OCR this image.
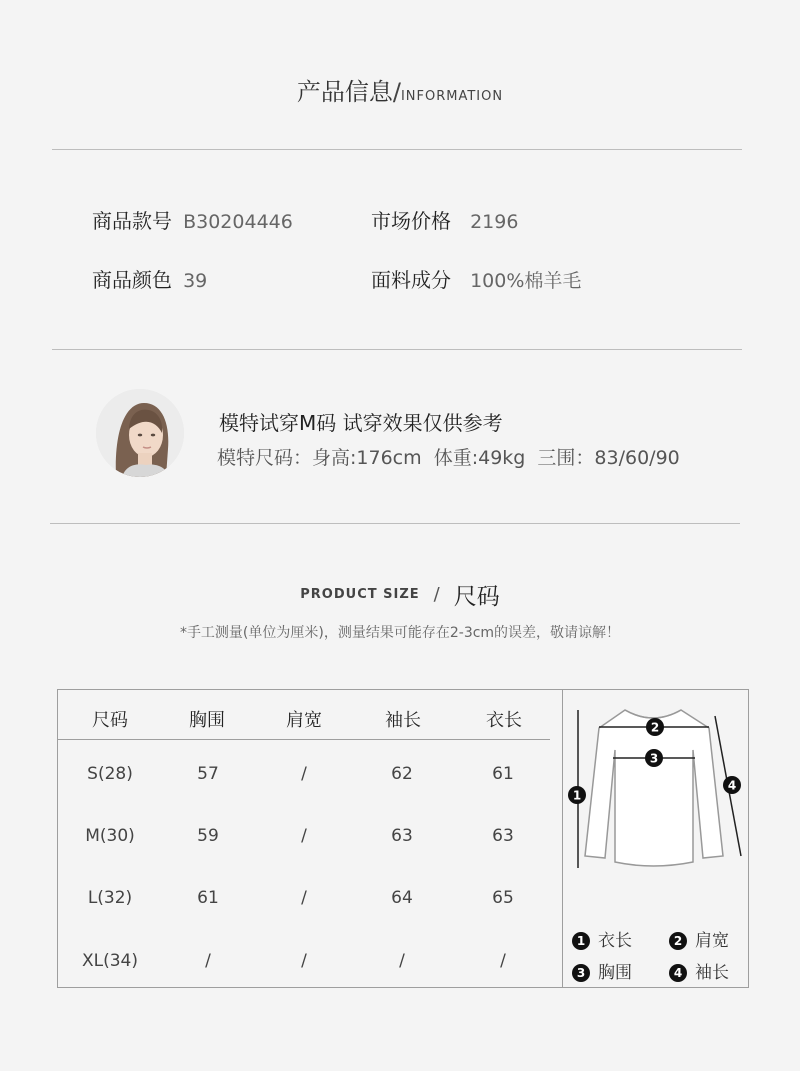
产品信息/INFORMATION
商品款号 B30204446	市场价格 2196
商品颜色 39	面料成分 100%棉羊毛
模特试穿M码 试穿效果仅供参考
模特尺码：身高:176cm  体重:49kg  三围：83/60/90
PRODUCT SIZE / 尺码
*手工测量(单位为厘米)，测量结果可能存在2-3cm的误差，敬请谅解！
尺码	胸围	肩宽	袖长	衣长
S(28)	57	/	62	61
M(30)	59	/	63	63
L(32)	61	/	64	65
XL(34)	/	/	/	/
1
2
3
4
1 衣长	2 肩宽
3 胸围	4 袖长
